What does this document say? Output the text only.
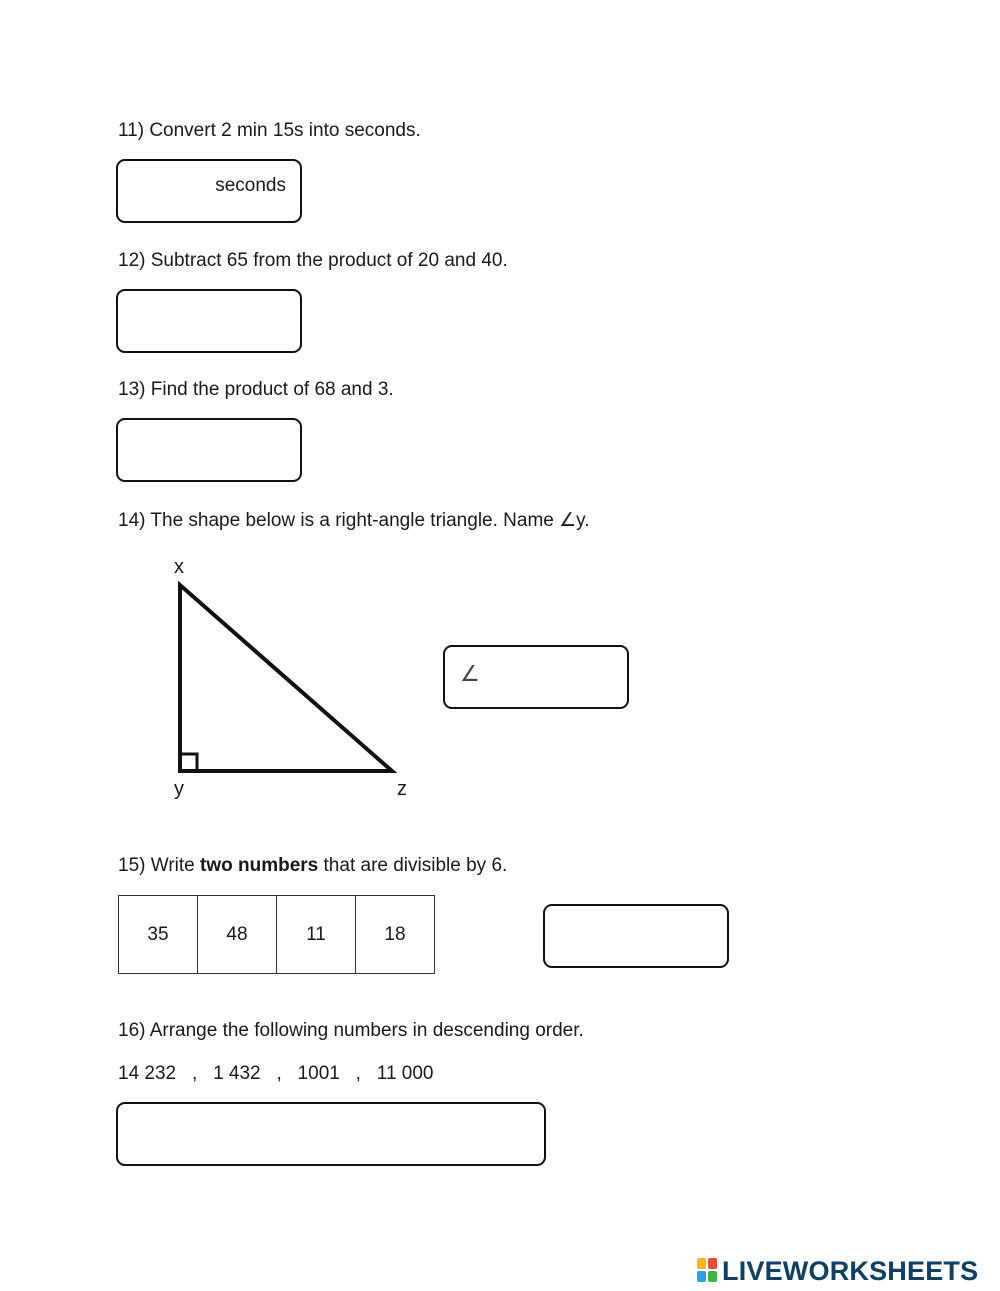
11) Convert 2 min 15s into seconds.
seconds
12) Subtract 65 from the product of 20 and 40.
13) Find the product of 68 and 3.
14) The shape below is a right-angle triangle. Name ∠y.
x
y	z
∠
15) Write two numbers that are divisible by 6.
35	48	11	18
16) Arrange the following numbers in descending order.
14 232   ,   1 432   ,   1001   ,   11 000
LIVEWORKSHEETS
